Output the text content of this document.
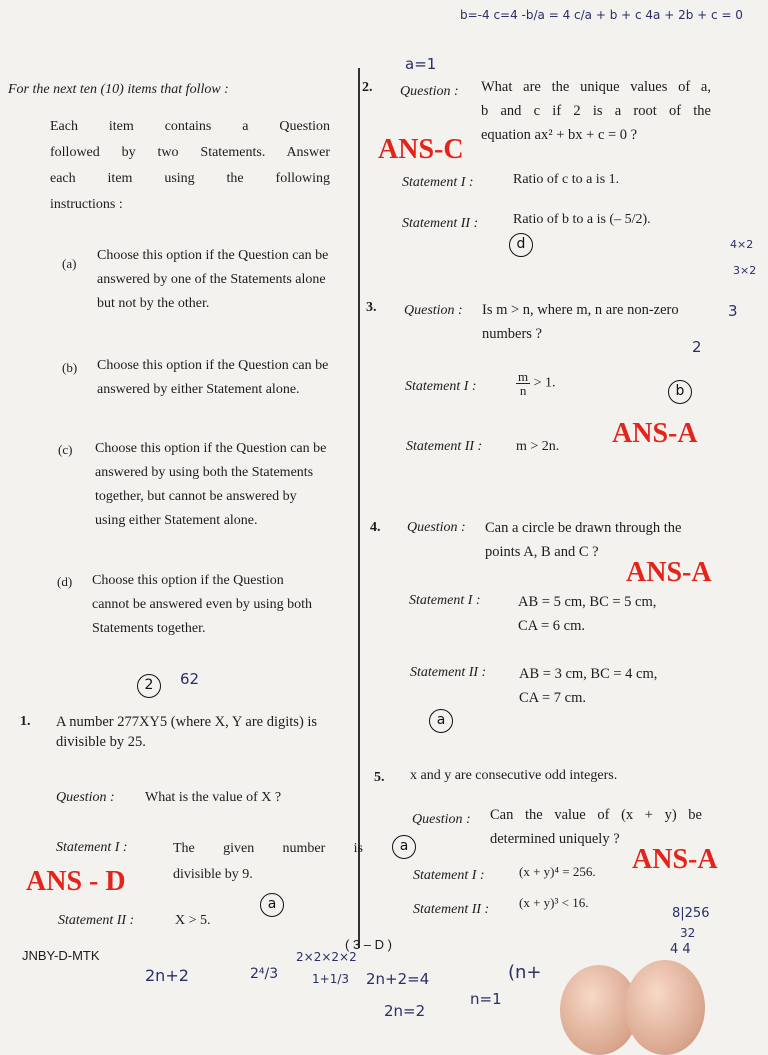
b=-4 c=4 -b/a = 4 c/a + b + c 4a + 2b + c = 0
a=1
For the next ten (10) items that follow :
Each item contains a Question
followed by two Statements. Answer
each item using the following
instructions :
(a)
Choose this option if the Question can be
answered by one of the Statements alone
but not by the other.
(b) Choose this option if the Question can be
answered by either Statement alone.
(c) Choose this option if the Question can be
answered by using both the Statements
together, but cannot be answered by
using either Statement alone.
(d) Choose this option if the Question
cannot be answered even by using both
Statements together.
2	62
1. A number 277XY5 (where X, Y are digits) is
divisible by 25.
Question : What is the value of X ?
Statement I :	The given number is
divisible by 9.
Statement II :	X > 5.
ANS - D
a
JNBY-D-MTK
( 3 – D )
2n+2	2⁴/3
2×2×2×2
1+1/3 2n+2=4
2n=2
n=1
(n+
2. Question : What are the unique values of a,
b and c if 2 is a root of the
equation ax² + bx + c = 0 ?
ANS-C
Statement I :	Ratio of c to a is 1.
Statement II : Ratio of b to a is (– 5/2).
d	4×2
3×2
3. Question : Is m > n, where m, n are non-zero
numbers ?
3
2
Statement I :	$\frac{m}{n} > 1$.	b
ANS-A
Statement II : m > 2n.
4. Question : Can a circle be drawn through the
points A, B and C ?
ANS-A
Statement I :	AB = 5 cm, BC = 5 cm,
CA = 6 cm.
Statement II : AB = 3 cm, BC = 4 cm,
CA = 7 cm.
a
5. x and y are consecutive odd integers.
Question : Can the value of (x + y) be
determined uniquely ?
a
Statement I :	(x + y)⁴ = 256. ANS-A
Statement II : (x + y)³ < 16.
8|256
32
4 4
